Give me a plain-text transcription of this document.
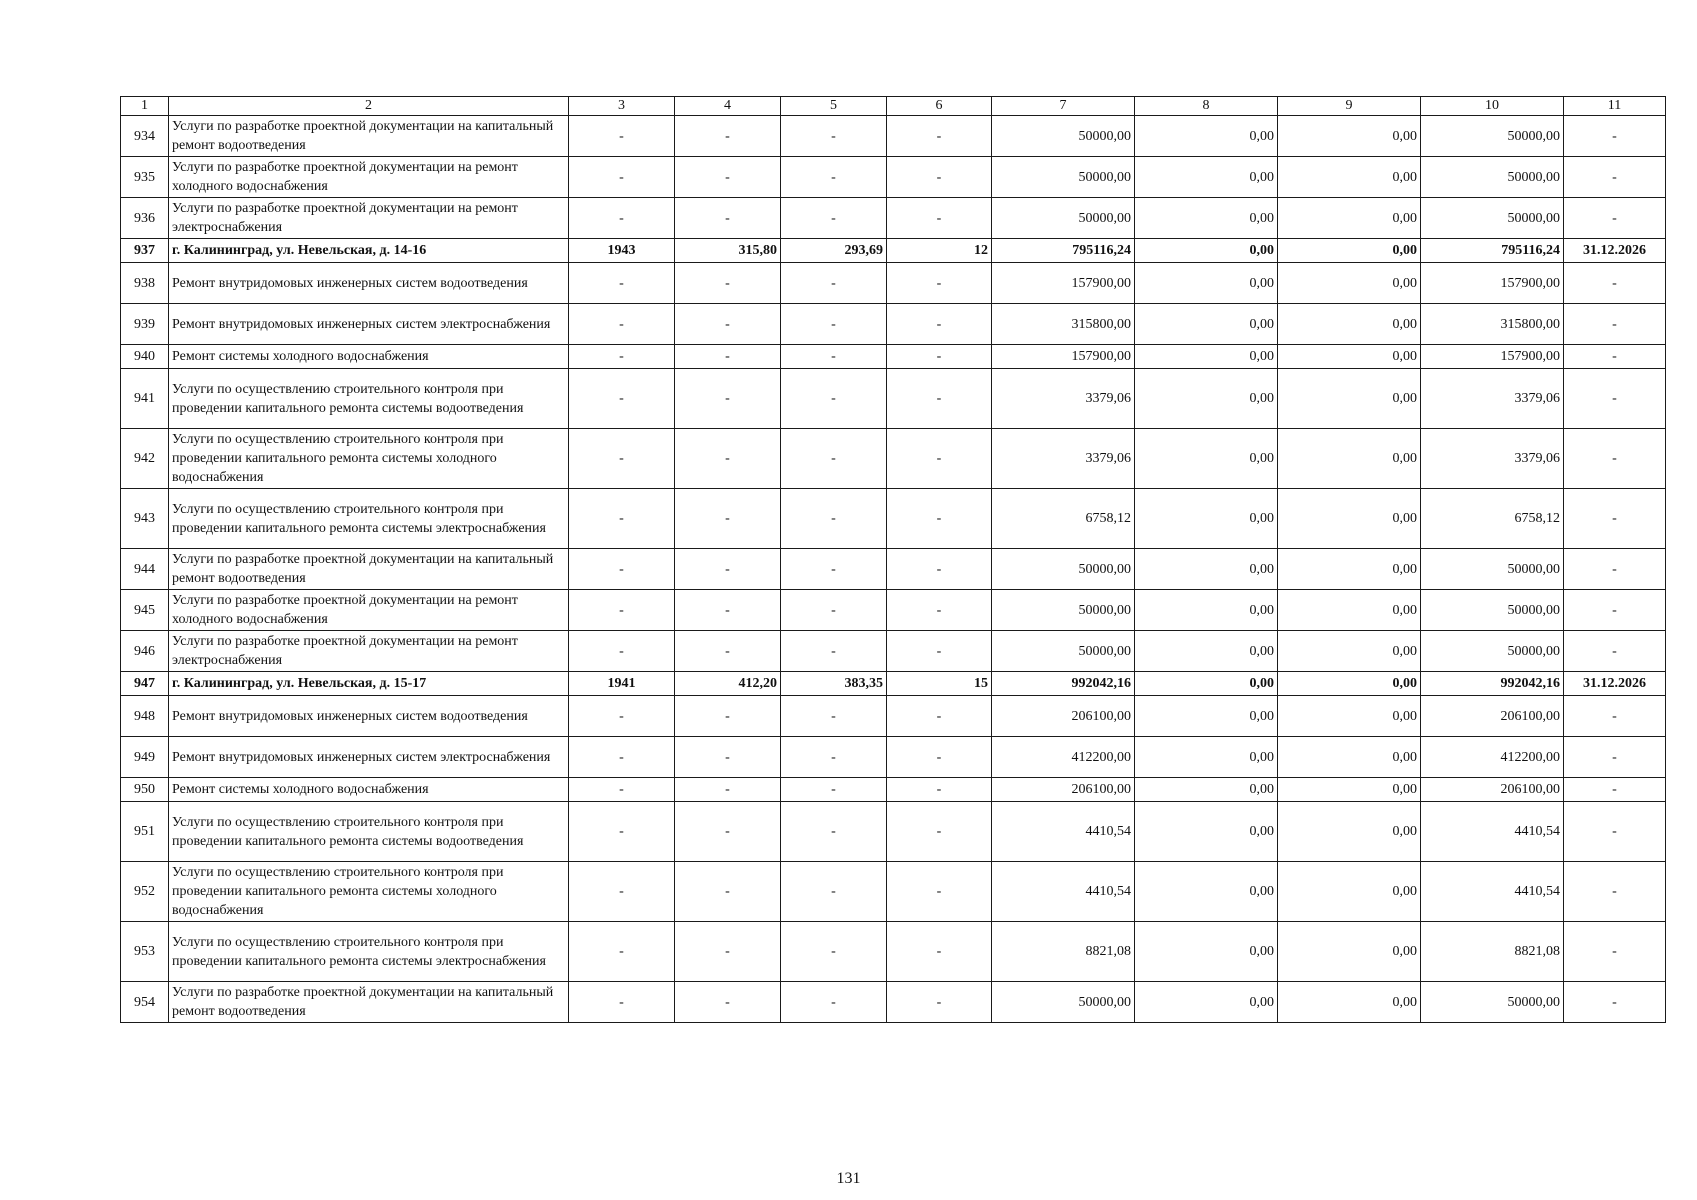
1	2	3	4	5	6	7	8	9	10	11
934	Услуги по разработке проектной документации на капитальный ремонт водоотведения	-	-	-	-	50000,00	0,00	0,00	50000,00	-
935	Услуги по разработке проектной документации на ремонт холодного водоснабжения	-	-	-	-	50000,00	0,00	0,00	50000,00	-
936	Услуги по разработке проектной документации на ремонт электроснабжения	-	-	-	-	50000,00	0,00	0,00	50000,00	-
937	г. Калининград, ул. Невельская, д. 14-16	1943	315,80	293,69	12	795116,24	0,00	0,00	795116,24	31.12.2026
938	Ремонт внутридомовых инженерных систем водоотведения	-	-	-	-	157900,00	0,00	0,00	157900,00	-
939	Ремонт внутридомовых инженерных систем электроснабжения	-	-	-	-	315800,00	0,00	0,00	315800,00	-
940	Ремонт системы холодного водоснабжения	-	-	-	-	157900,00	0,00	0,00	157900,00	-
941	Услуги по осуществлению строительного контроля при проведении капитального ремонта системы водоотведения	-	-	-	-	3379,06	0,00	0,00	3379,06	-
942	Услуги по осуществлению строительного контроля при проведении капитального ремонта системы холодного водоснабжения	-	-	-	-	3379,06	0,00	0,00	3379,06	-
943	Услуги по осуществлению строительного контроля при проведении капитального ремонта системы электроснабжения	-	-	-	-	6758,12	0,00	0,00	6758,12	-
944	Услуги по разработке проектной документации на капитальный ремонт водоотведения	-	-	-	-	50000,00	0,00	0,00	50000,00	-
945	Услуги по разработке проектной документации на ремонт холодного водоснабжения	-	-	-	-	50000,00	0,00	0,00	50000,00	-
946	Услуги по разработке проектной документации на ремонт электроснабжения	-	-	-	-	50000,00	0,00	0,00	50000,00	-
947	г. Калининград, ул. Невельская, д. 15-17	1941	412,20	383,35	15	992042,16	0,00	0,00	992042,16	31.12.2026
948	Ремонт внутридомовых инженерных систем водоотведения	-	-	-	-	206100,00	0,00	0,00	206100,00	-
949	Ремонт внутридомовых инженерных систем электроснабжения	-	-	-	-	412200,00	0,00	0,00	412200,00	-
950	Ремонт системы холодного водоснабжения	-	-	-	-	206100,00	0,00	0,00	206100,00	-
951	Услуги по осуществлению строительного контроля при проведении капитального ремонта системы водоотведения	-	-	-	-	4410,54	0,00	0,00	4410,54	-
952	Услуги по осуществлению строительного контроля при проведении капитального ремонта системы холодного водоснабжения	-	-	-	-	4410,54	0,00	0,00	4410,54	-
953	Услуги по осуществлению строительного контроля при проведении капитального ремонта системы электроснабжения	-	-	-	-	8821,08	0,00	0,00	8821,08	-
954	Услуги по разработке проектной документации на капитальный ремонт водоотведения	-	-	-	-	50000,00	0,00	0,00	50000,00	-
131
